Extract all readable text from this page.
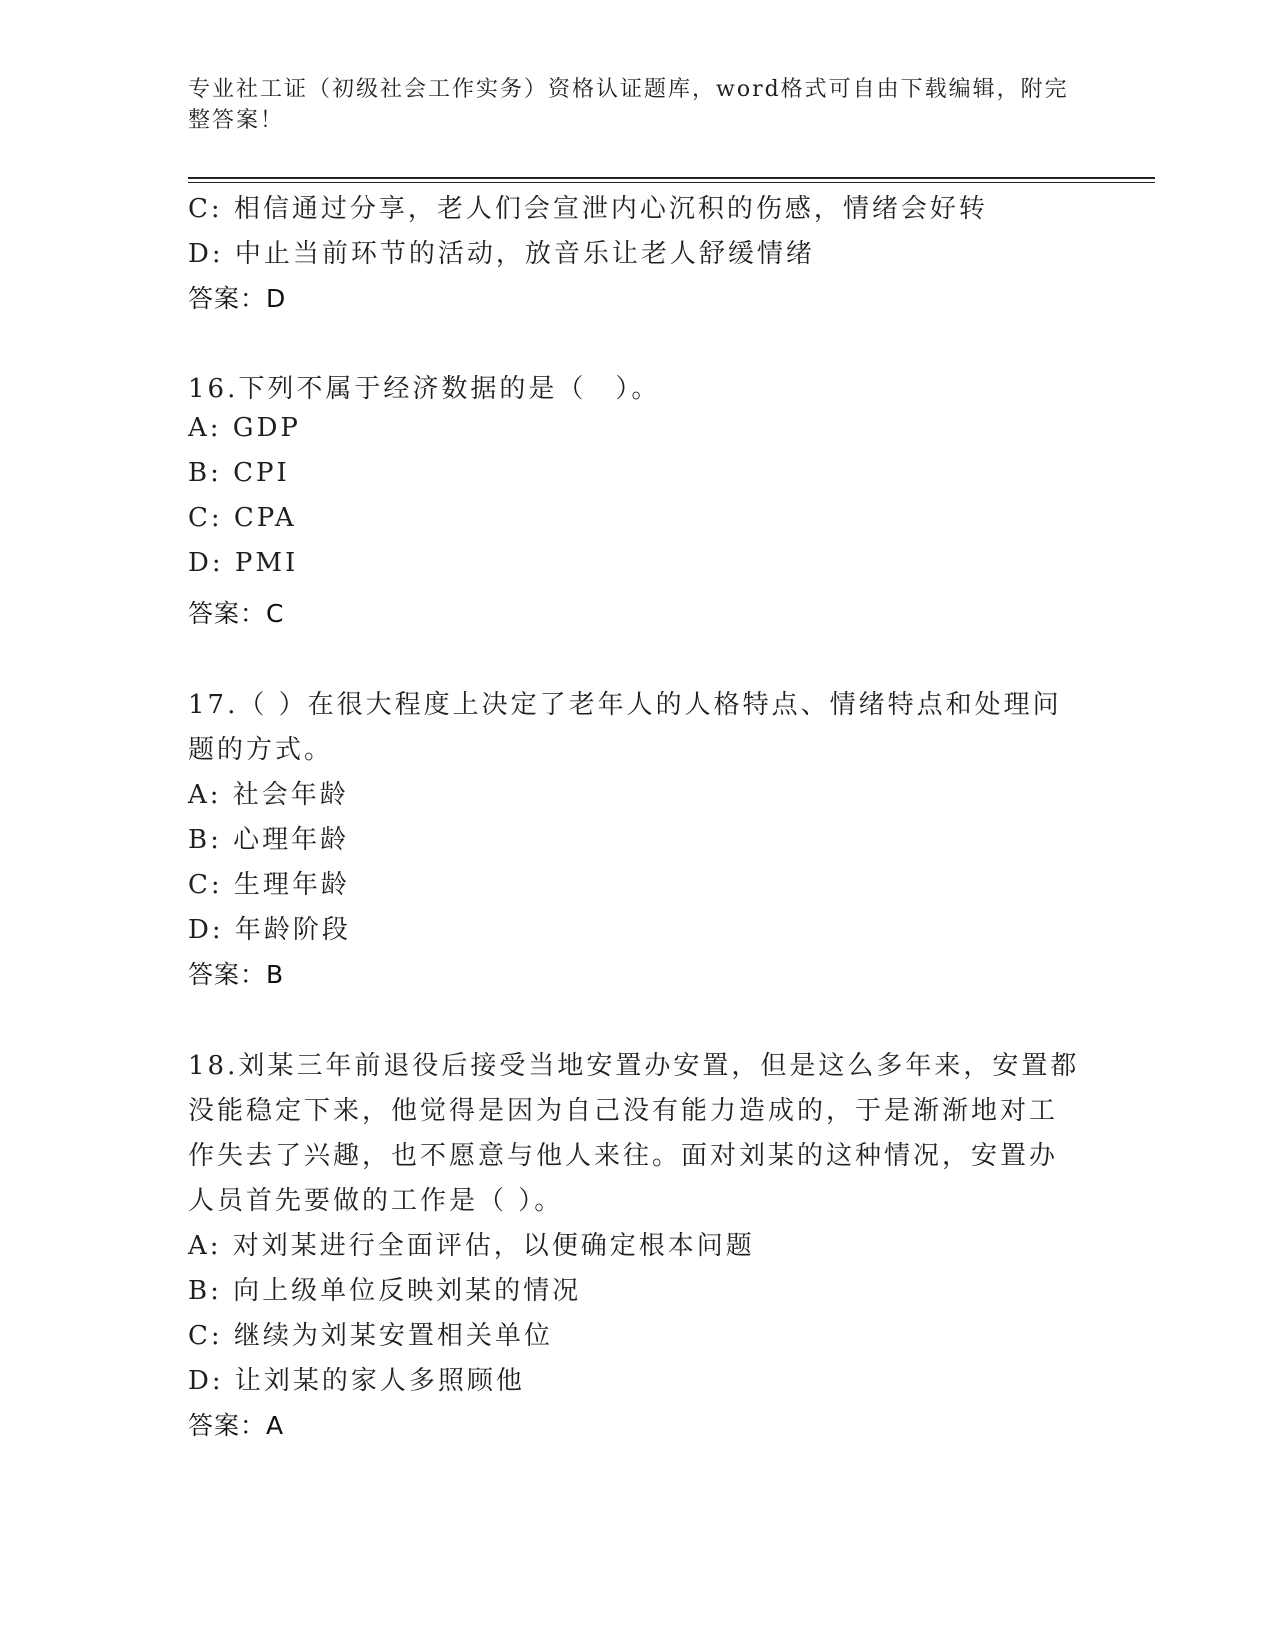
专业社工证（初级社会工作实务）资格认证题库，word格式可自由下载编辑，附完整答案！
C: 相信通过分享，老人们会宣泄内心沉积的伤感，情绪会好转
D: 中止当前环节的活动，放音乐让老人舒缓情绪
答案：D
16.下列不属于经济数据的是（　）。
A: GDP
B: CPI
C: CPA
D: PMI
答案：C
17.（ ）在很大程度上决定了老年人的人格特点、情绪特点和处理问
题的方式。
A: 社会年龄
B: 心理年龄
C: 生理年龄
D: 年龄阶段
答案：B
18.刘某三年前退役后接受当地安置办安置，但是这么多年来，安置都
没能稳定下来，他觉得是因为自己没有能力造成的，于是渐渐地对工
作失去了兴趣，也不愿意与他人来往。面对刘某的这种情况，安置办
人员首先要做的工作是（ ）。
A: 对刘某进行全面评估，以便确定根本问题
B: 向上级单位反映刘某的情况
C: 继续为刘某安置相关单位
D: 让刘某的家人多照顾他
答案：A
